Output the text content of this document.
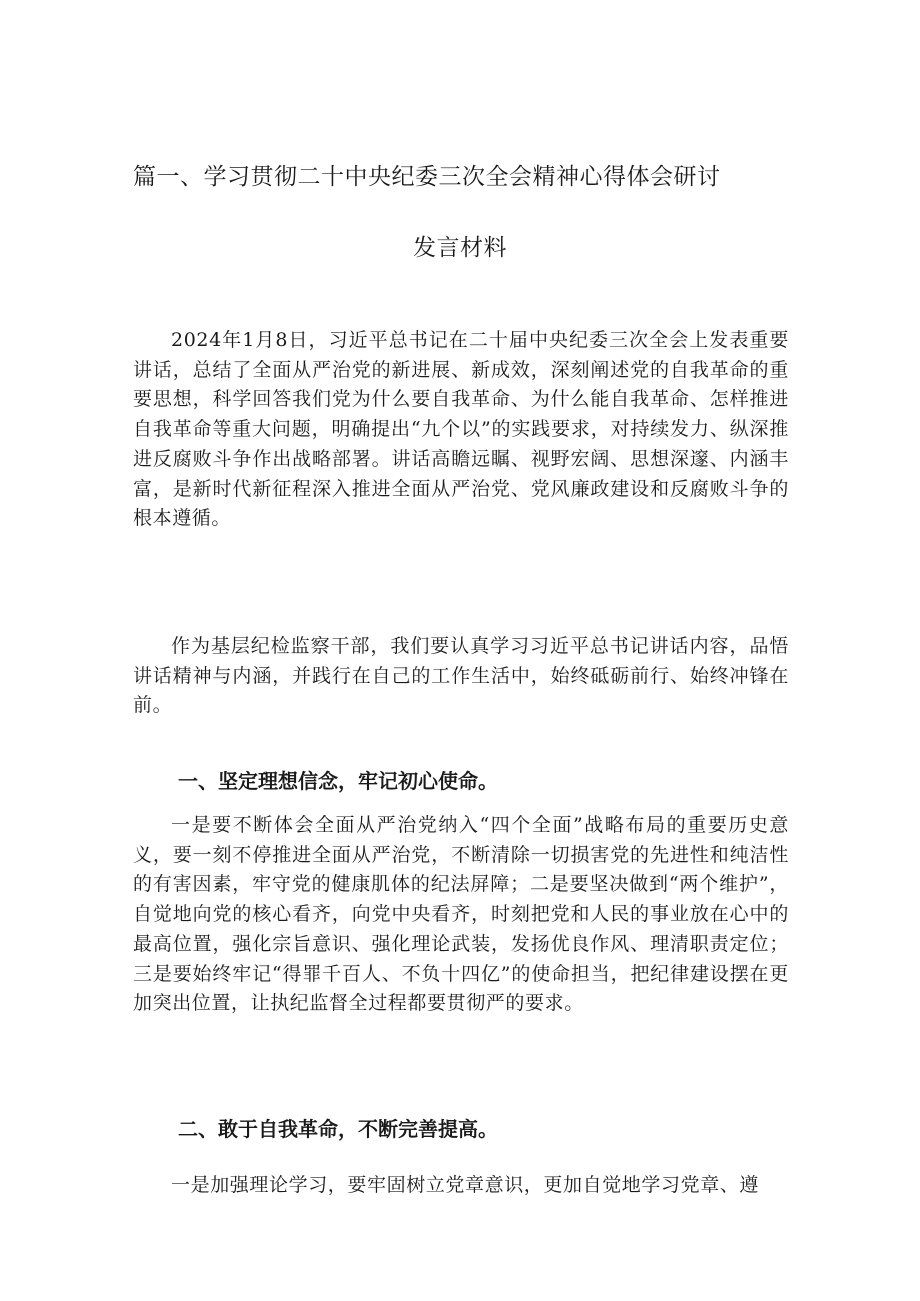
篇一、学习贯彻二十中央纪委三次全会精神心得体会研讨
发言材料

2024年1月8日，习近平总书记在二十届中央纪委三次全会上发表重要讲话，总结了全面从严治党的新进展、新成效，深刻阐述党的自我革命的重要思想，科学回答我们党为什么要自我革命、为什么能自我革命、怎样推进自我革命等重大问题，明确提出“九个以”的实践要求，对持续发力、纵深推进反腐败斗争作出战略部署。讲话高瞻远瞩、视野宏阔、思想深邃、内涵丰富，是新时代新征程深入推进全面从严治党、党风廉政建设和反腐败斗争的根本遵循。

作为基层纪检监察干部，我们要认真学习习近平总书记讲话内容，品悟讲话精神与内涵，并践行在自己的工作生活中，始终砥砺前行、始终冲锋在前。

一、坚定理想信念，牢记初心使命。

一是要不断体会全面从严治党纳入“四个全面”战略布局的重要历史意义，要一刻不停推进全面从严治党，不断清除一切损害党的先进性和纯洁性的有害因素，牢守党的健康肌体的纪法屏障；二是要坚决做到“两个维护”，自觉地向党的核心看齐，向党中央看齐，时刻把党和人民的事业放在心中的最高位置，强化宗旨意识、强化理论武装，发扬优良作风、理清职责定位；三是要始终牢记“得罪千百人、不负十四亿”的使命担当，把纪律建设摆在更加突出位置，让执纪监督全过程都要贯彻严的要求。

二、敢于自我革命，不断完善提高。

一是加强理论学习，要牢固树立党章意识，更加自觉地学习党章、遵
